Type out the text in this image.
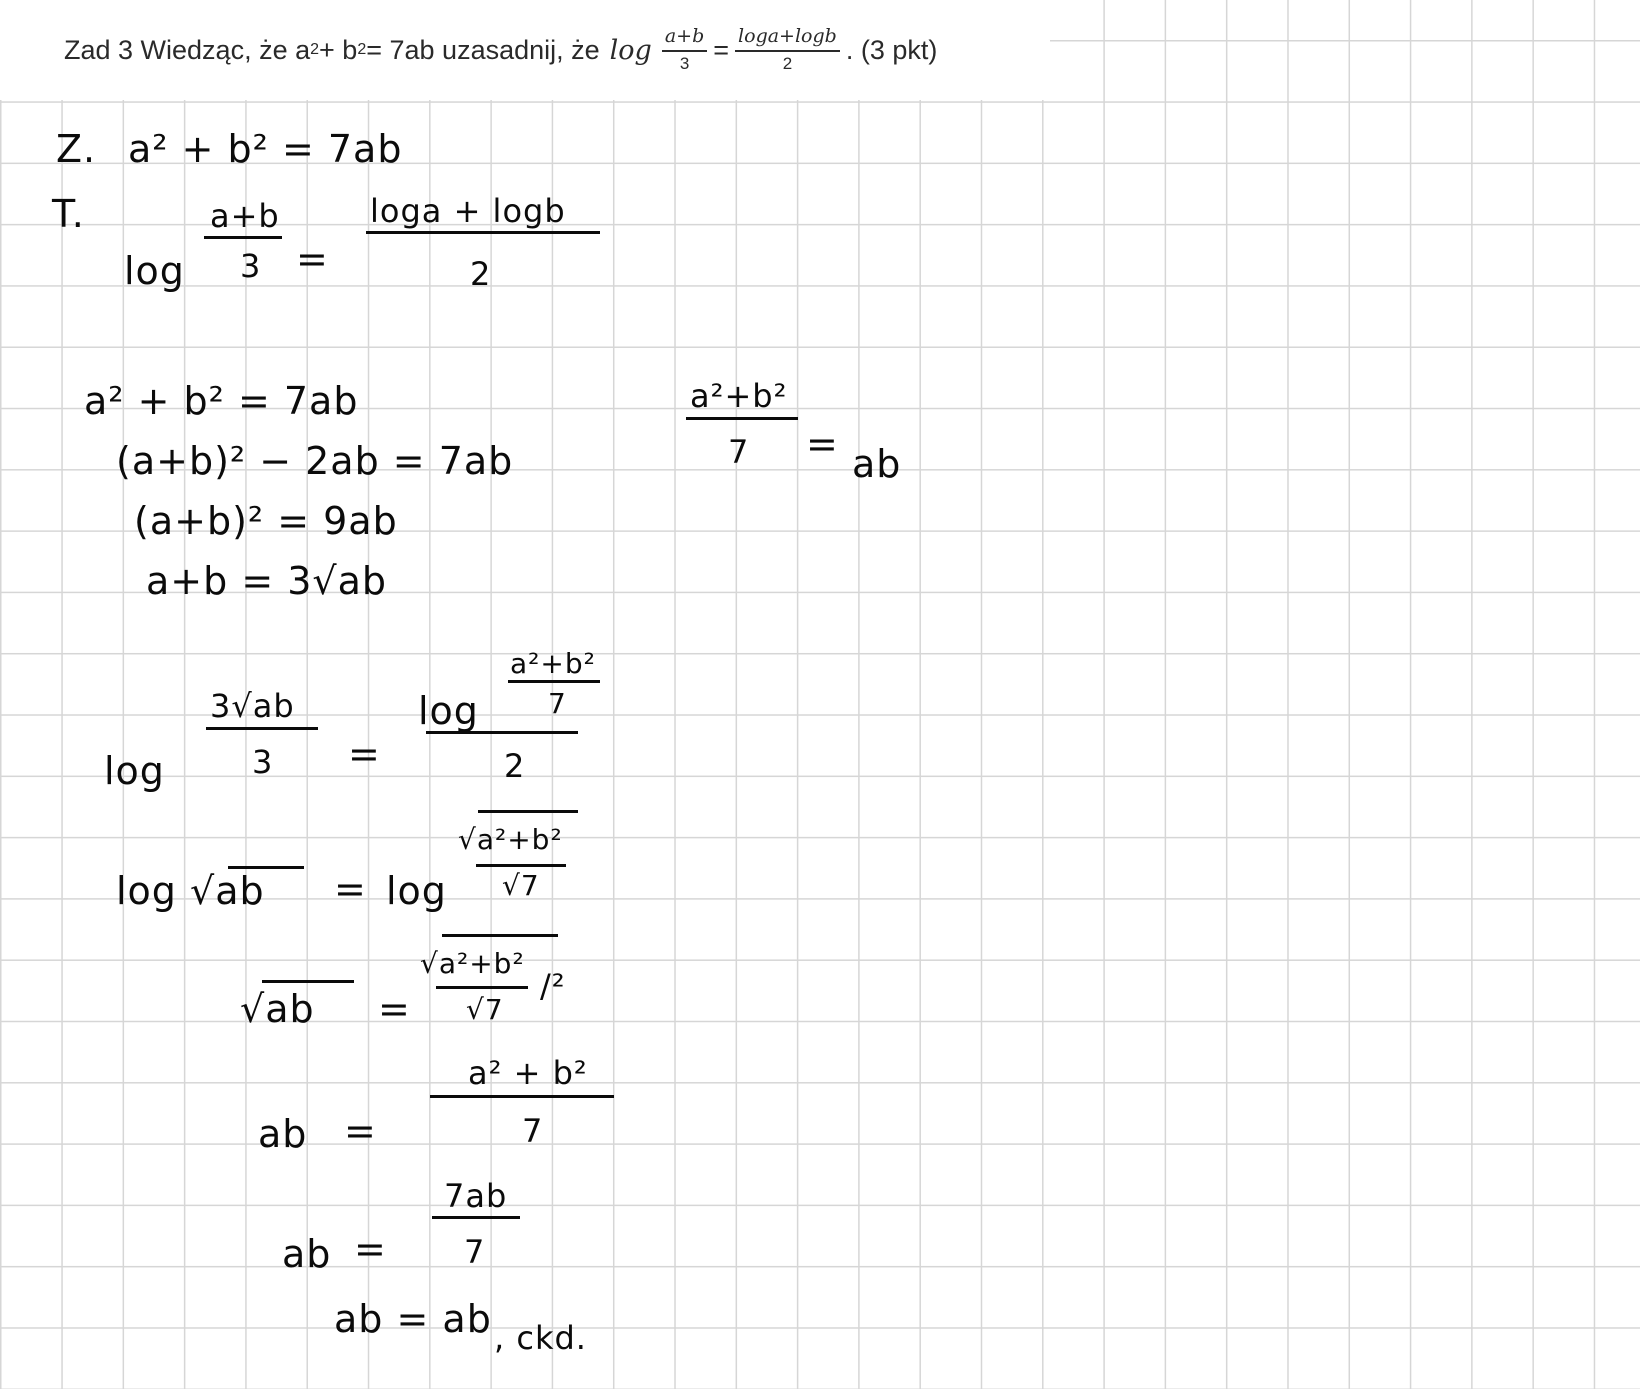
Zad 3 Wiedząc, że a 2 + b 2 = 7ab uzasadnij, że $\log \frac{a+b}{3} = \frac{\log a+\log b}{2}$ . (3 pkt)
Z. a² + b² = 7ab
T.
log
a+b
3 =
loga + logb
2
a² + b² = 7ab
(a+b)² − 2ab = 7ab
(a+b)² = 9ab
a+b = 3√ab
a²+b²
7 = ab
log
3√ab
3 =
log
a²+b²
7
2
log √ab = log
√a²+b²
√7
√ab =
√a²+b²
√7
/²
ab =
a² + b²
7
ab =
7ab
7
ab = ab , ckd.
